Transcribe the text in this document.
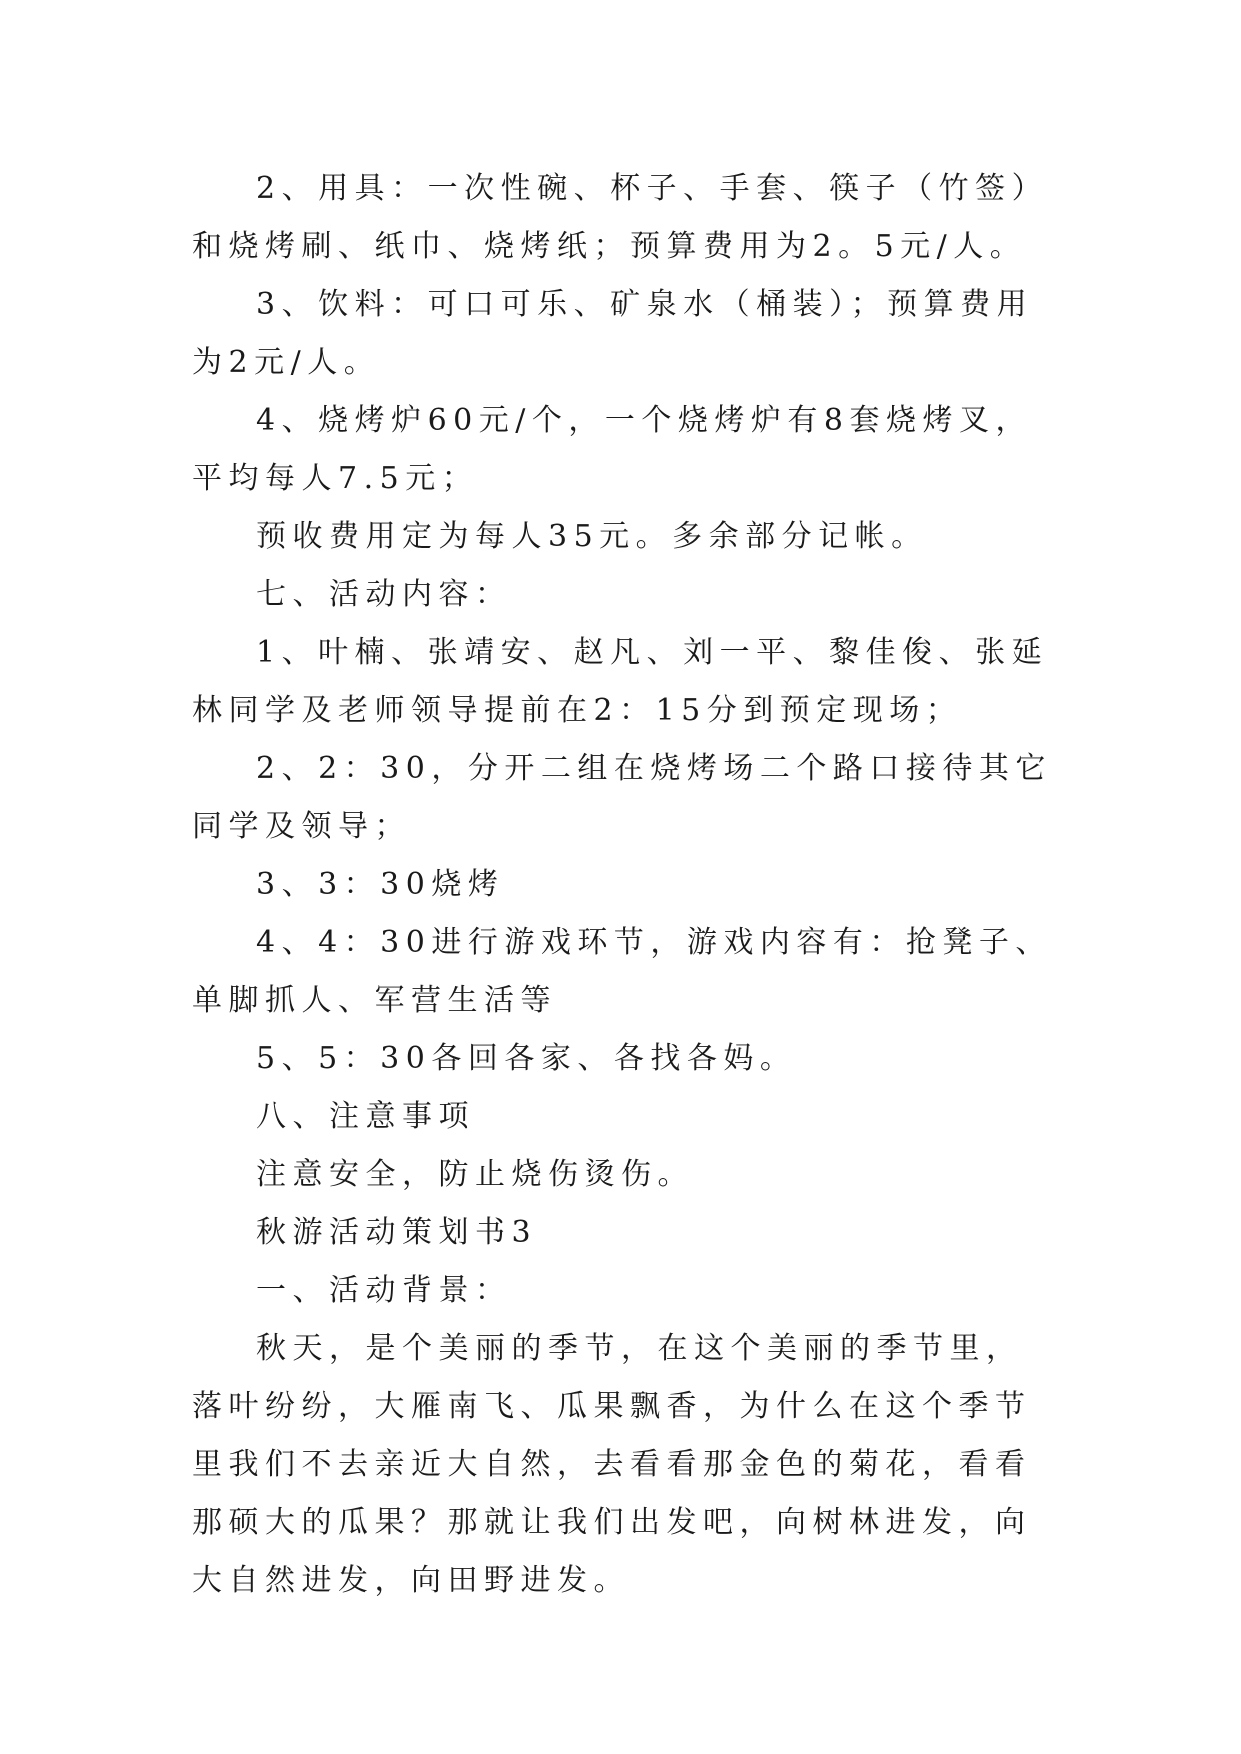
2、用具：一次性碗、杯子、手套、筷子（竹签）和烧烤刷、纸巾、烧烤纸；预算费用为2。5元/人。

3、饮料：可口可乐、矿泉水（桶装）；预算费用为2元/人。

4、烧烤炉60元/个，一个烧烤炉有8套烧烤叉，平均每人7.5元；

预收费用定为每人35元。多余部分记帐。

七、活动内容：

1、叶楠、张靖安、赵凡、刘一平、黎佳俊、张延林同学及老师领导提前在2：15分到预定现场；

2、2：30，分开二组在烧烤场二个路口接待其它同学及领导；

3、3：30烧烤

4、4：30进行游戏环节，游戏内容有：抢凳子、单脚抓人、军营生活等

5、5：30各回各家、各找各妈。

八、注意事项

注意安全，防止烧伤烫伤。

秋游活动策划书3

一、活动背景：

秋天，是个美丽的季节，在这个美丽的季节里，落叶纷纷，大雁南飞、瓜果飘香，为什么在这个季节里我们不去亲近大自然，去看看那金色的菊花，看看那硕大的瓜果？那就让我们出发吧，向树林进发，向大自然进发，向田野进发。
